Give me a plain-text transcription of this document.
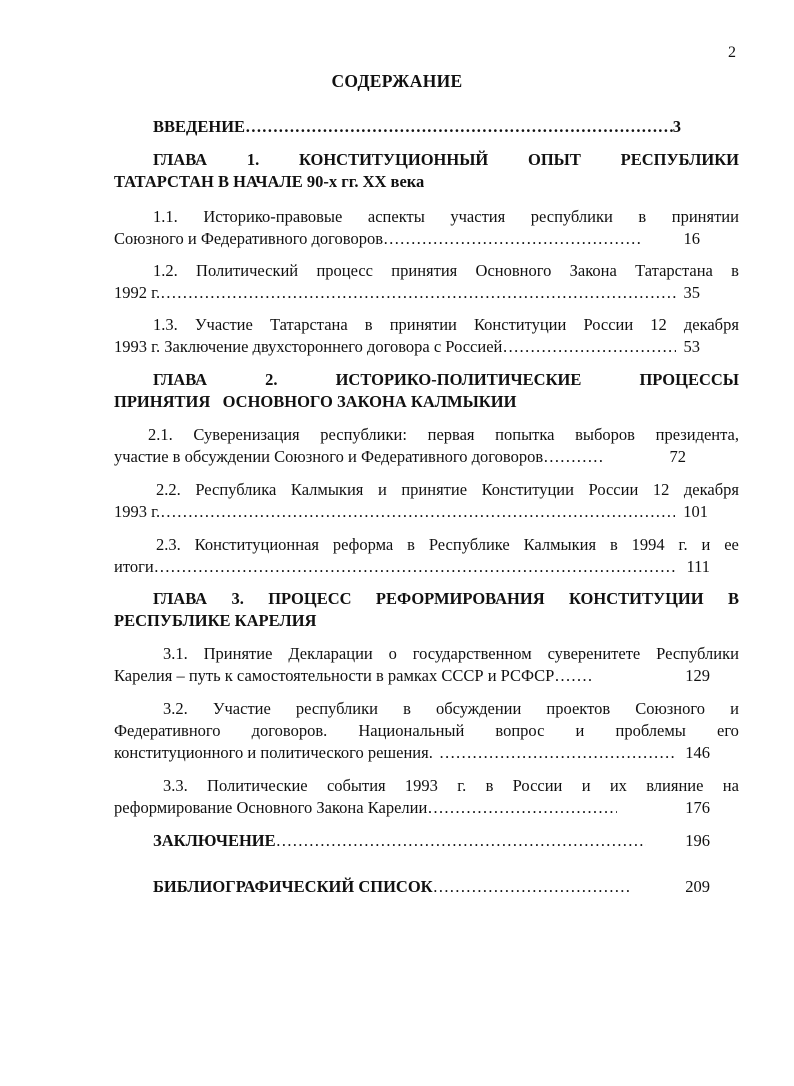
2
СОДЕРЖАНИЕ
ВВЕДЕНИЕ ………………………………………………………………………………………………………………………………………………………………	3
ГЛАВА 1. КОНСТИТУЦИОННЫЙ ОПЫТ РЕСПУБЛИКИ
ТАТАРСТАН В НАЧАЛЕ 90-х гг. XX века
1.1. Историко-правовые аспекты участия республики в принятии
Союзного и Федеративного договоров ………………………………………………………………………………………………………………………………………………………………	16
1.2. Политический процесс принятия Основного Закона Татарстана в
1992 г. ………………………………………………………………………………………………………………………………………………………………	35
1.3. Участие Татарстана в принятии Конституции России 12 декабря
1993 г. Заключение двухстороннего договора с Россией ………………………………………………………………………………………………………………………………………………………………	53
ГЛАВА	2.	ИСТОРИКО-ПОЛИТИЧЕСКИЕ	ПРОЦЕССЫ
ПРИНЯТИЯ   ОСНОВНОГО ЗАКОНА КАЛМЫКИИ
2.1. Суверенизация республики: первая попытка выборов президента,
участие в обсуждении Союзного и Федеративного договоров ………………………………………………………………………………………………………………………………………………………………	72
2.2. Республика Калмыкия и принятие Конституции России 12 декабря
1993 г. ………………………………………………………………………………………………………………………………………………………………	101
2.3. Конституционная реформа в Республике Калмыкия в 1994 г. и ее
итоги ………………………………………………………………………………………………………………………………………………………………	111
ГЛАВА 3. ПРОЦЕСС РЕФОРМИРОВАНИЯ КОНСТИТУЦИИ В
РЕСПУБЛИКЕ КАРЕЛИЯ
3.1. Принятие Декларации о государственном суверенитете Республики
Карелия – путь к самостоятельности в рамках СССР и РСФСР ………………………………………………………………………………………………………………………………………………………………	129
3.2. Участие республики в обсуждении проектов Союзного и
Федеративного договоров. Национальный вопрос и проблемы его
конституционного и политического решения. ………………………………………………………………………………………………………………………………………………………………	146
3.3. Политические события 1993 г. в России и их влияние на
реформирование Основного Закона Карелии ………………………………………………………………………………………………………………………………………………………………	176
ЗАКЛЮЧЕНИЕ ………………………………………………………………………………………………………………………………………………………………	196
БИБЛИОГРАФИЧЕСКИЙ СПИСОК ………………………………………………………………………………………………………………………………………………………………	209
